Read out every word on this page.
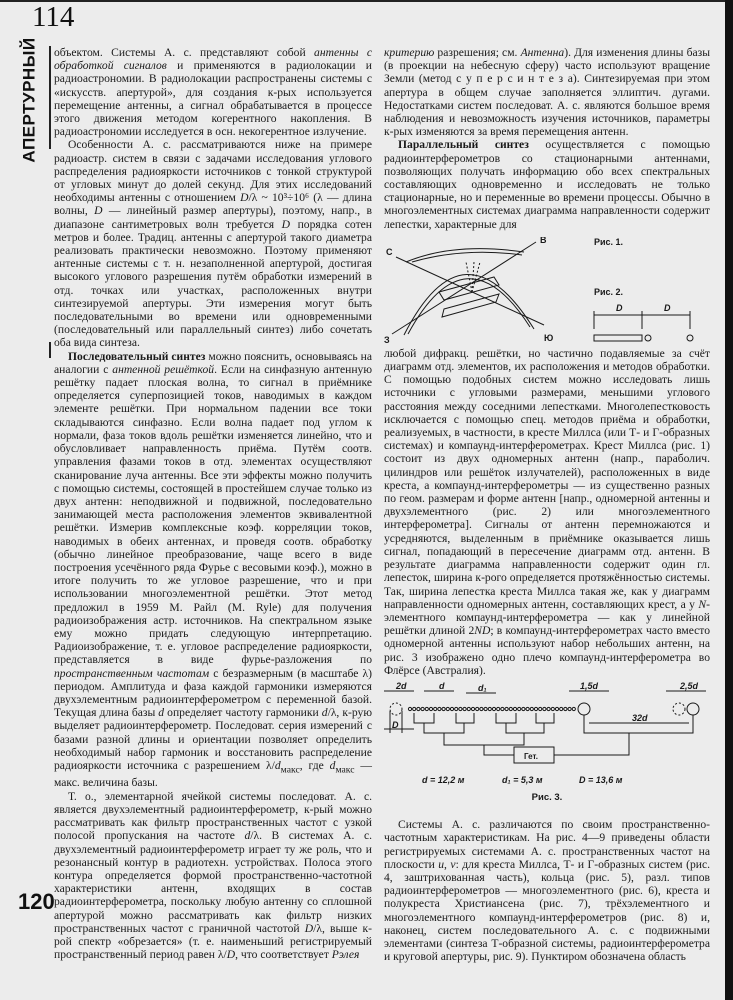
114
АПЕРТУРНЫЙ
120

объектом. Системы А. с. представляют собой антенны с обработкой сигналов и применяются в радиолокации и радиоастрономии. В радиолокации распространены системы с «искусств. апертурой», для создания к-рых используется перемещение антенны, а сигнал обрабатывается в процессе этого движения методом когерентного накопления. В радиоастрономии исследуется в осн. некогерентное излучение.

Особенности А. с. рассматриваются ниже на примере радиоастр. систем в связи с задачами исследования углового распределения радиояркости источников с тонкой структурой от угловых минут до долей секунд. Для этих исследований необходимы антенны с отношением D/λ ~ 10³÷10⁶ (λ — длина волны, D — линейный размер апертуры), поэтому, напр., в диапазоне сантиметровых волн требуется D порядка сотен метров и более. Традиц. антенны с апертурой такого диаметра реализовать практически невозможно. Поэтому применяют антенные системы с т. н. незаполненной апертурой, достигая высокого углового разрешения путём обработки измерений в отд. точках или участках, расположенных внутри синтезируемой апертуры. Эти измерения могут быть последовательными во времени или одновременными (последовательный или параллельный синтез) либо сочетать оба вида синтеза.

Последовательный синтез можно пояснить, основываясь на аналогии с антенной решёткой. Если на синфазную антенную решётку падает плоская волна, то сигнал в приёмнике определяется суперпозицией токов, наводимых в каждом элементе решётки. При нормальном падении все токи складываются синфазно. Если волна падает под углом к нормали, фаза токов вдоль решётки изменяется линейно, что и обусловливает направленность приёма. Путём соотв. управления фазами токов в отд. элементах осуществляют сканирование луча антенны. Все эти эффекты можно получить с помощью системы, состоящей в простейшем случае только из двух антенн: неподвижной и подвижной, последовательно занимающей места расположения элементов эквивалентной решётки. Измерив комплексные коэф. корреляции токов, наводимых в обеих антеннах, и проведя соотв. обработку (обычно линейное преобразование, чаще всего в виде построения усечённого ряда Фурье с весовыми коэф.), можно в итоге получить то же угловое разрешение, что и при использовании многоэлементной решётки. Этот метод предложил в 1959 М. Райл (M. Ryle) для получения радиоизображения астр. источников. На спектральном языке ему можно придать следующую интерпретацию. Радиоизображение, т. е. угловое распределение радиояркости, представляется в виде фурье-разложения по пространственным частотам с безразмерным (в масштабе λ) периодом. Амплитуда и фаза каждой гармоники измеряются двухэлементным радиоинтерферометром с переменной базой. Текущая длина базы d определяет частоту гармоники d/λ, к-рую выделяет радиоинтерферометр. Последоват. серия измерений с базами разной длины и ориентации позволяет определить необходимый набор гармоник и восстановить распределение радиояркости источника с разрешением $\lambda/d_{макс}$, где $d_{макс}$ — макс. величина базы.

Т. о., элементарной ячейкой системы последоват. А. с. является двухэлементный радиоинтерферометр, к-рый можно рассматривать как фильтр пространственных частот с узкой полосой пропускания на частоте d/λ. В системах А. с. двухэлементный радиоинтерферометр играет ту же роль, что и резонансный контур в радиотехн. устройствах. Полоса этого контура определяется формой пространственно-частотной характеристики антенн, входящих в состав радиоинтерферометра, поскольку любую антенну со сплошной апертурой можно рассматривать как фильтр низких пространственных частот с граничной частотой D/λ, выше к-рой спектр «обрезается» (т. е. наименьший регистрируемый пространственный период равен λ/D, что соответствует Рэлея

критерию разрешения; см. Антенна). Для изменения длины базы (в проекции на небесную сферу) часто используют вращение Земли (метод с у п е р с и н т е з а). Синтезируемая при этом апертура в общем случае заполняется эллиптич. дугами. Недостатками систем последоват. А. с. являются большое время наблюдения и невозможность изучения источников, параметры к-рых изменяются за время перемещения антенн.

Параллельный синтез осуществляется с помощью радиоинтерферометров со стационарными антеннами, позволяющих получать информацию обо всех спектральных составляющих одновременно и исследовать не только стационарные, но и переменные во времени процессы. Обычно в многоэлементных системах диаграмма направленности содержит лепестки, характерные для

С
В
З	Ю
Рис. 1.
Рис. 2.
D	D

любой дифракц. решётки, но частично подавляемые за счёт диаграмм отд. элементов, их расположения и методов обработки. С помощью подобных систем можно исследовать лишь источники с угловыми размерами, меньшими углового расстояния между соседними лепестками. Многолепестковость исключается с помощью спец. методов приёма и обработки, реализуемых, в частности, в кресте Миллса (или Т- и Г-образных системах) и компаунд-интерферометрах. Крест Миллса (рис. 1) состоит из двух одномерных антенн (напр., параболич. цилиндров или решёток излучателей), расположенных в виде креста, а компаунд-интерферометры — из существенно разных по геом. размерам и форме антенн [напр., одномерной антенны и двухэлементного (рис. 2) или многоэлементного интерферометра]. Сигналы от антенн перемножаются и усредняются, выделенным в приёмнике оказывается лишь сигнал, попадающий в пересечение диаграмм отд. антенн. В результате диаграмма направленности содержит один гл. лепесток, ширина к-рого определяется протяжённостью системы. Так, ширина лепестка креста Миллса такая же, как у диаграмм направленности одномерных антенн, составляющих крест, а у N-элементного компаунд-интерферометра — как у линейной решётки длиной 2ND; в компаунд-интерферометрах часто вместо одномерной антенны используют набор небольших антенн, на рис. 3 изображено одно плечо компаунд-интерферометра во Флёрсе (Австралия).

2d	d	d₁	1,5d	2,5d
32d
D
Гет.
d = 12,2 м	d₁ = 5,3 м	D = 13,6 м
Рис. 3.

Системы А. с. различаются по своим пространственно-частотным характеристикам. На рис. 4—9 приведены области регистрируемых системами А. с. пространственных частот на плоскости u, v: для креста Миллса, Т- и Г-образных систем (рис. 4, заштрихованная часть), кольца (рис. 5), разл. типов радиоинтерферометров — многоэлементного (рис. 6), креста и полукреста Христиансена (рис. 7), трёхэлементного и многоэлементного компаунд-интерферометров (рис. 8) и, наконец, систем последовательного А. с. с подвижными элементами (синтеза Т-образной системы, радиоинтерферометра и круговой апертуры, рис. 9). Пунктиром обозначена область
